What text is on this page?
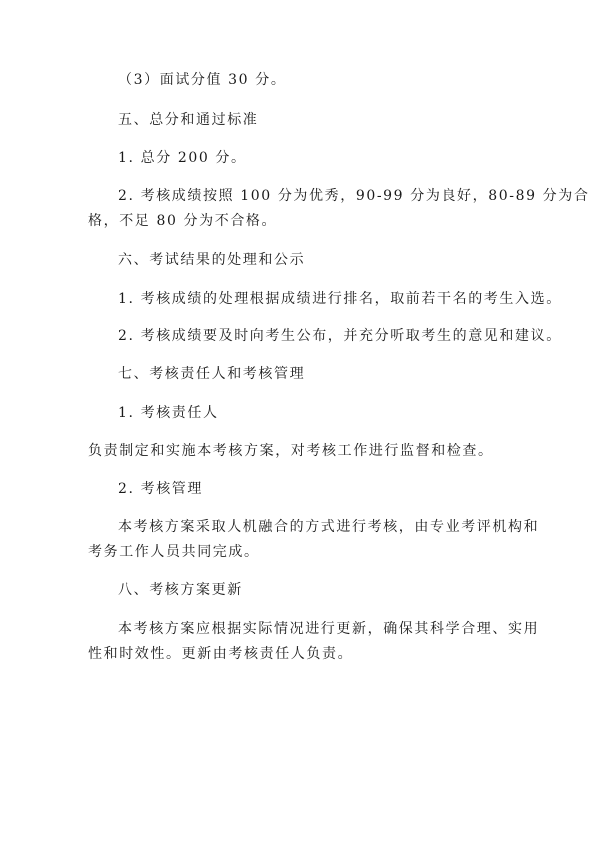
（3）面试分值 30 分。
五、总分和通过标准
1. 总分 200 分。
2. 考核成绩按照 100 分为优秀，90-99 分为良好，80-89 分为合
格，不足 80 分为不合格。
六、考试结果的处理和公示
1. 考核成绩的处理根据成绩进行排名，取前若干名的考生入选。
2. 考核成绩要及时向考生公布，并充分听取考生的意见和建议。
七、考核责任人和考核管理
1. 考核责任人
负责制定和实施本考核方案，对考核工作进行监督和检查。
2. 考核管理
本考核方案采取人机融合的方式进行考核，由专业考评机构和
考务工作人员共同完成。
八、考核方案更新
本考核方案应根据实际情况进行更新，确保其科学合理、实用
性和时效性。更新由考核责任人负责。
